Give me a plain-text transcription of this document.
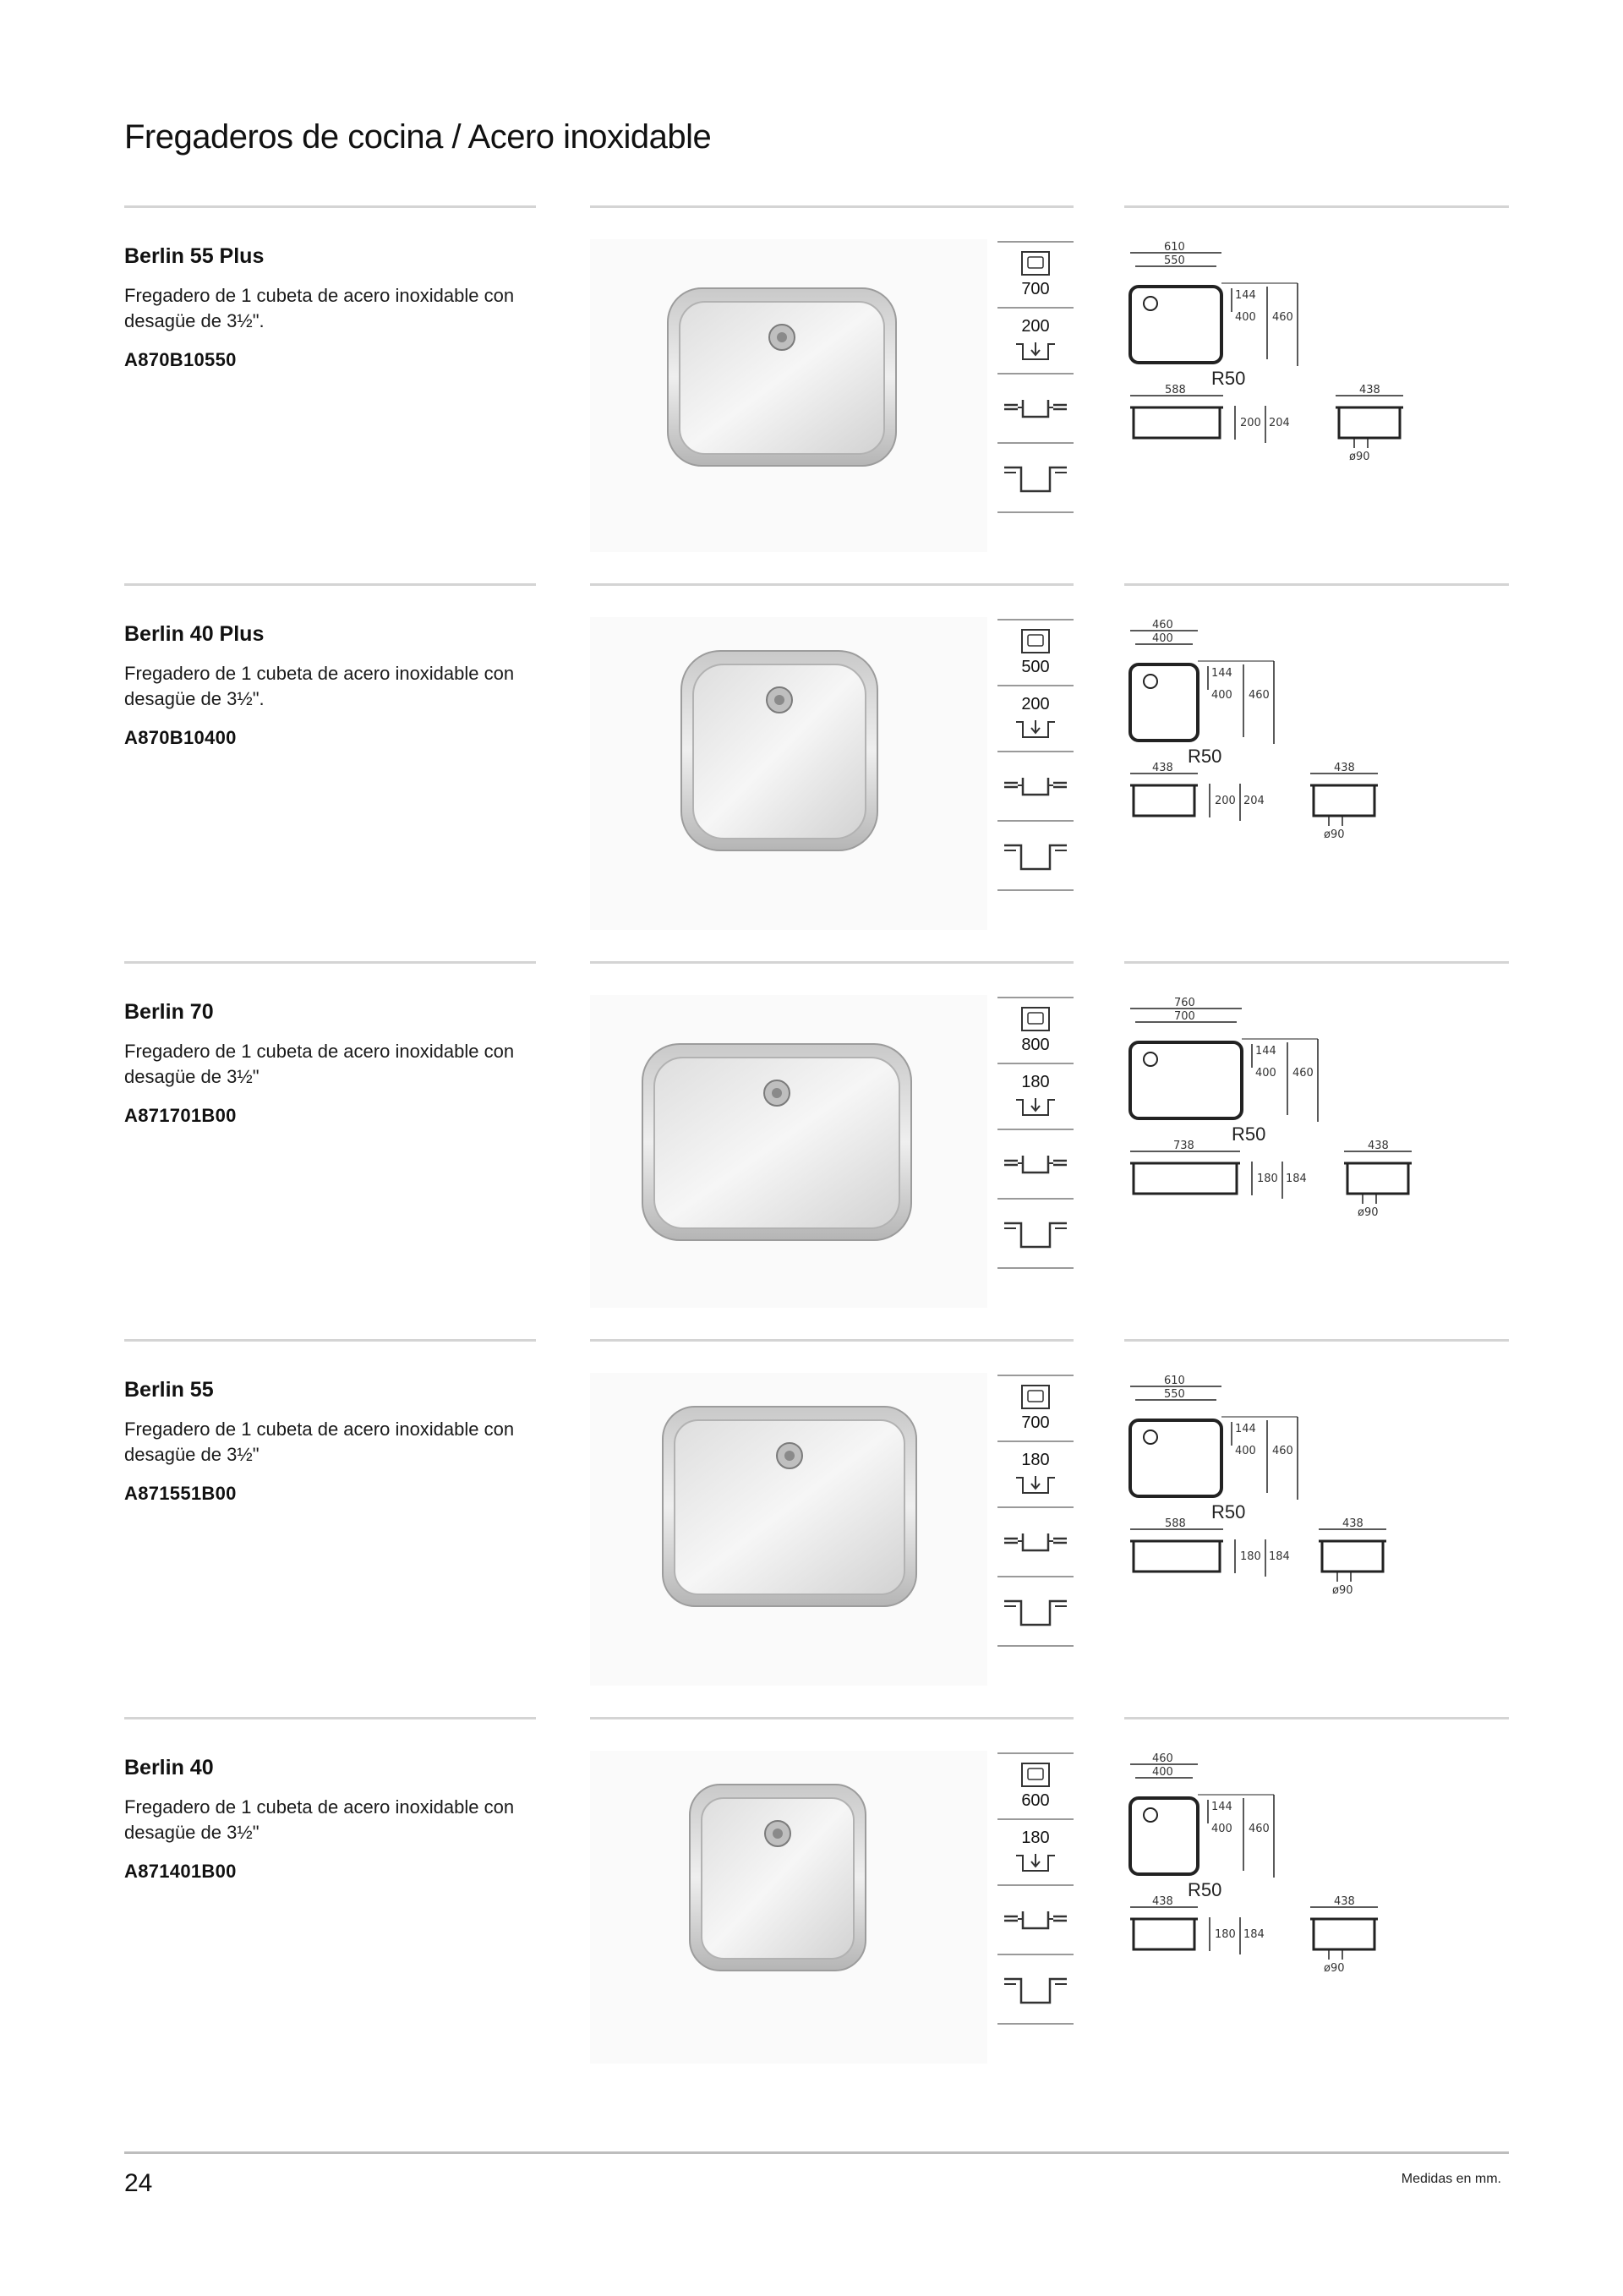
Fregaderos de cocina / Acero inoxidable
Berlin 55 Plus
Fregadero de 1 cubeta de acero inoxidable con desagüe de 3½".
A870B10550
700
200
610
550
144
400 460
R50
588
200 204
438
ø90
Berlin 40 Plus
Fregadero de 1 cubeta de acero inoxidable con desagüe de 3½".
A870B10400
500
200
460
400
144
400 460
R50
438
200 204
438
ø90
Berlin 70
Fregadero de 1 cubeta de acero inoxidable con desagüe de 3½"
A871701B00
800
180
760
700
144
400 460
R50
738
180 184
438
ø90
Berlin 55
Fregadero de 1 cubeta de acero inoxidable con desagüe de 3½"
A871551B00
700
180
610
550
144
400 460
R50
588
180 184
438
ø90
Berlin 40
Fregadero de 1 cubeta de acero inoxidable con desagüe de 3½"
A871401B00
600
180
460
400
144
400 460
R50
438
180 184
438
ø90
24	Medidas en mm.
